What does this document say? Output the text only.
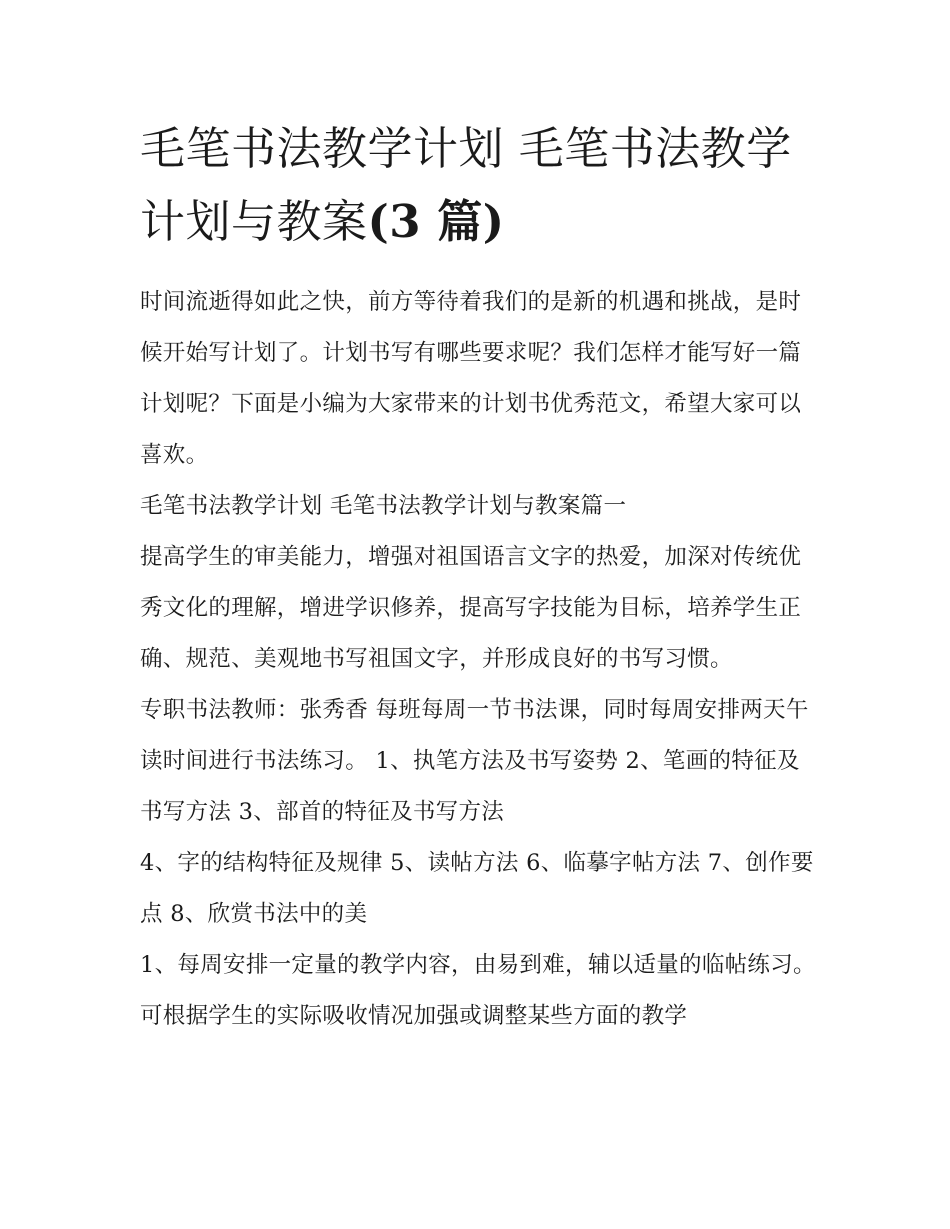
毛笔书法教学计划 毛笔书法教学计划与教案(3 篇)

时间流逝得如此之快，前方等待着我们的是新的机遇和挑战，是时候开始写计划了。计划书写有哪些要求呢？我们怎样才能写好一篇计划呢？下面是小编为大家带来的计划书优秀范文，希望大家可以喜欢。

毛笔书法教学计划 毛笔书法教学计划与教案篇一

提高学生的审美能力，增强对祖国语言文字的热爱，加深对传统优秀文化的理解，增进学识修养，提高写字技能为目标，培养学生正确、规范、美观地书写祖国文字，并形成良好的书写习惯。

专职书法教师：张秀香 每班每周一节书法课，同时每周安排两天午读时间进行书法练习。 1、执笔方法及书写姿势 2、笔画的特征及书写方法 3、部首的特征及书写方法

4、字的结构特征及规律 5、读帖方法 6、临摹字帖方法 7、创作要点 8、欣赏书法中的美

1、每周安排一定量的教学内容，由易到难，辅以适量的临帖练习。可根据学生的实际吸收情况加强或调整某些方面的教学
